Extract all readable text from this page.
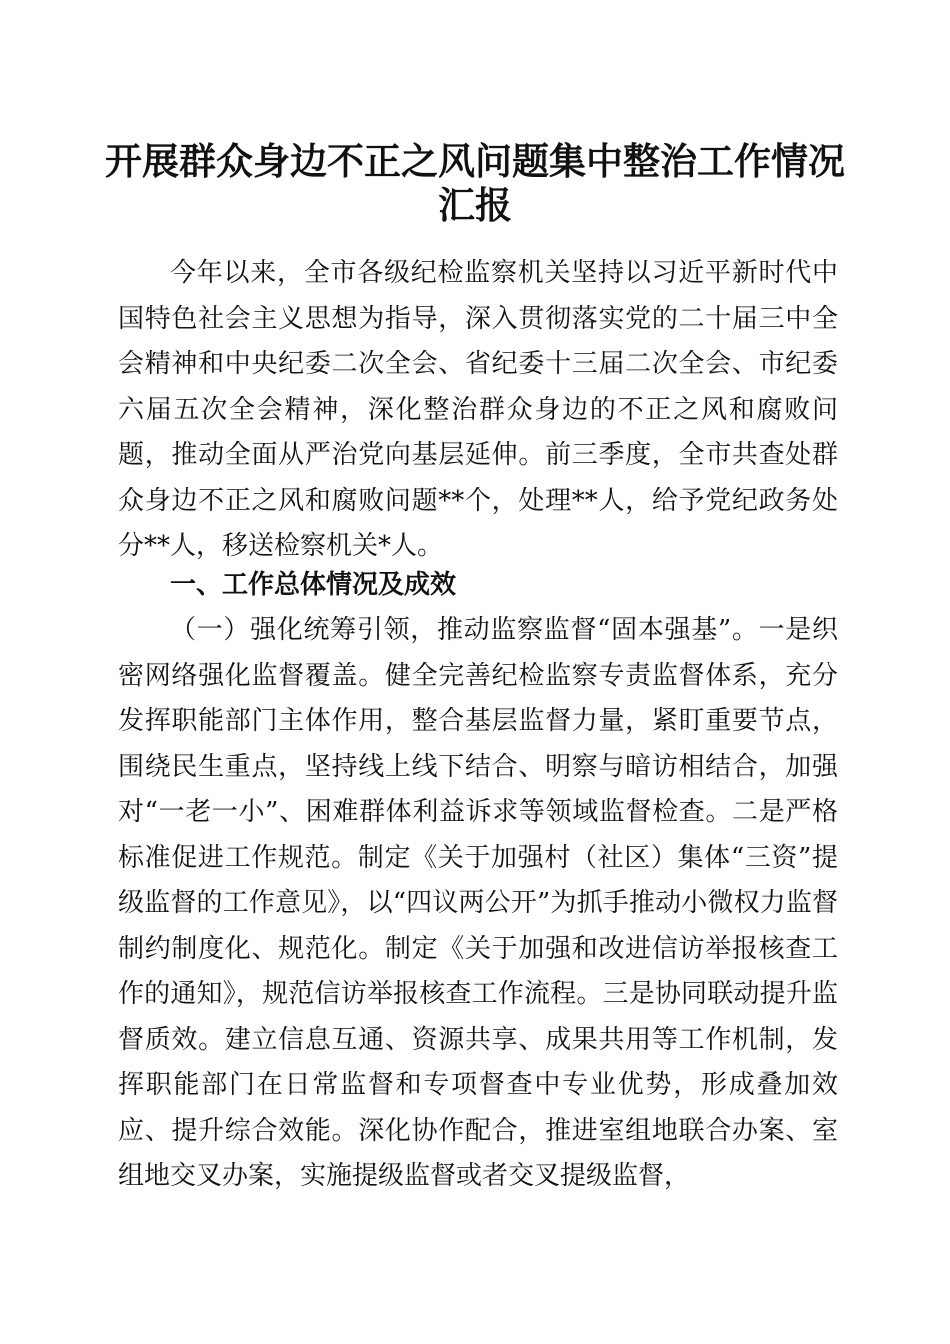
开展群众身边不正之风问题集中整治工作情况
汇报

今年以来，全市各级纪检监察机关坚持以习近平新时代中国特色社会主义思想为指导，深入贯彻落实党的二十届三中全会精神和中央纪委二次全会、省纪委十三届二次全会、市纪委六届五次全会精神，深化整治群众身边的不正之风和腐败问题，推动全面从严治党向基层延伸。前三季度，全市共查处群众身边不正之风和腐败问题**个，处理**人，给予党纪政务处分**人，移送检察机关*人。

一、工作总体情况及成效

（一）强化统筹引领，推动监察监督“固本强基”。一是织密网络强化监督覆盖。健全完善纪检监察专责监督体系，充分发挥职能部门主体作用，整合基层监督力量，紧盯重要节点，围绕民生重点，坚持线上线下结合、明察与暗访相结合，加强对“一老一小”、困难群体利益诉求等领域监督检查。二是严格标准促进工作规范。制定《关于加强村（社区）集体“三资”提级监督的工作意见》，以“四议两公开”为抓手推动小微权力监督制约制度化、规范化。制定《关于加强和改进信访举报核查工作的通知》，规范信访举报核查工作流程。三是协同联动提升监督质效。建立信息互通、资源共享、成果共用等工作机制，发挥职能部门在日常监督和专项督查中专业优势，形成叠加效应、提升综合效能。深化协作配合，推进室组地联合办案、室组地交叉办案，实施提级监督或者交叉提级监督，
